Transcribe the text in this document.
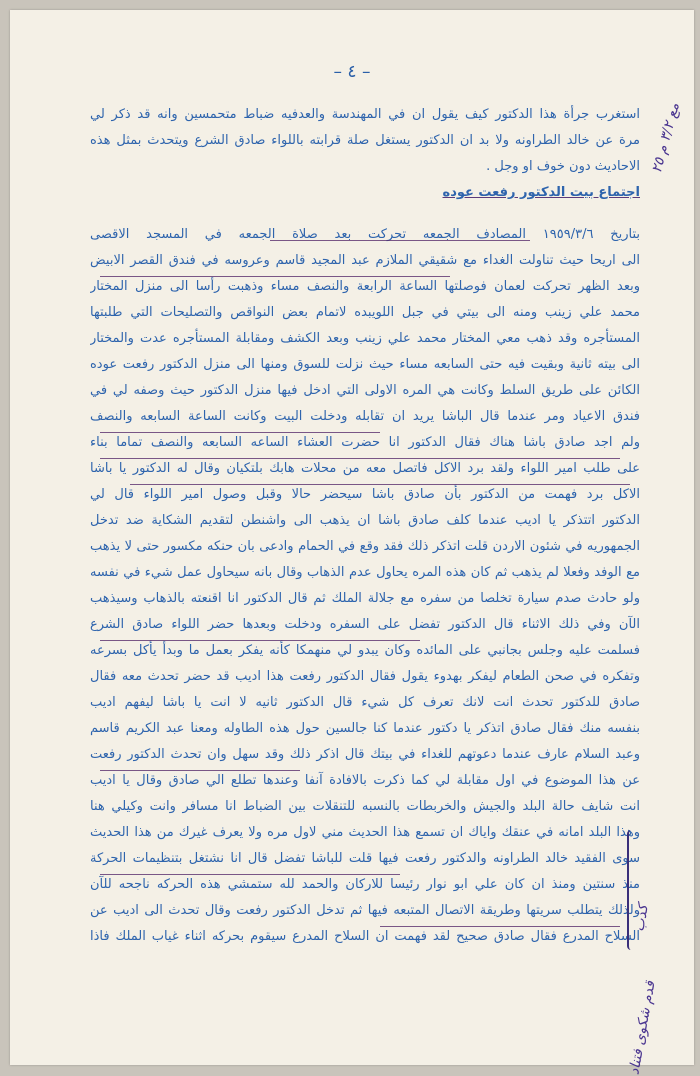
– ٤ –
استغرب جرأة هذا الدكتور كيف يقول ان في المهندسة والعدفيه ضباط متحمسين وانه قد ذكر لي
مرة عن خالد الطراونه ولا بد ان الدكتور يستغل صلة قرابته باللواء صادق الشرع ويتحدث بمثل هذه
الاحاديث دون خوف او وجل .
اجتماع بيت الدكتور رفعت عوده
بتاريخ ١٩٥٩/٣/٦ المصادف الجمعه تحركت بعد صلاة الجمعه في المسجد الاقصى
الى اريحا حيث تناولت الغداء مع شقيقي الملازم عبد المجيد قاسم وعروسه في فندق القصر الابيض
وبعد الظهر تحركت لعمان فوصلتها الساعة الرابعة والنصف مساء وذهبت رأسا الى منزل المختار
محمد علي زينب ومنه الى بيتي في جبل اللويبده لاتمام بعض النواقص والتصليحات التي طلبتها
المستأجره وقد ذهب معي المختار محمد علي زينب وبعد الكشف ومقابلة المستأجره عدت والمختار
الى بيته ثانية وبقيت فيه حتى السابعه مساء حيث نزلت للسوق ومنها الى منزل الدكتور رفعت عوده
الكائن على طريق السلط وكانت هي المره الاولى التي ادخل فيها منزل الدكتور حيث وصفه لي في
فندق الاعياد ومر عندما قال الباشا يريد ان تقابله ودخلت البيت وكانت الساعة السابعه والنصف
ولم اجد صادق باشا هناك فقال الدكتور انا حضرت العشاء الساعه السابعه والنصف تماما بناء
على طلب امير اللواء ولقد برد الاكل فاتصل معه من محلات هابك بلتكيان وقال له الدكتور يا باشا
الاكل برد فهمت من الدكتور بأن صادق باشا سيحضر حالا وقبل وصول امير اللواء قال لي
الدكتور اتتذكر يا اديب عندما كلف صادق باشا ان يذهب الى واشنطن لتقديم الشكاية ضد تدخل
الجمهوريه في شئون الاردن قلت اتذكر ذلك فقد وقع في الحمام وادعى بان حنكه مكسور حتى لا يذهب
مع الوفد وفعلا لم يذهب ثم كان هذه المره يحاول عدم الذهاب وقال بانه سيحاول عمل شيء في نفسه
ولو حادث صدم سيارة تخلصا من سفره مع جلالة الملك ثم قال الدكتور انا اقنعته بالذهاب وسيذهب
الآن وفي ذلك الاثناء قال الدكتور تفضل على السفره ودخلت وبعدها حضر اللواء صادق الشرع
فسلمت عليه وجلس بجانبي على المائده وكان يبدو لي منهمكا كأنه يفكر بعمل ما وبدأ يأكل بسرعه
وتفكره في صحن الطعام ليفكر بهدوء يقول فقال الدكتور رفعت هذا اديب قد حضر تحدث معه فقال
صادق للدكتور تحدث انت لانك تعرف كل شيء قال الدكتور ثانيه لا انت يا باشا ليفهم اديب
بنفسه منك فقال صادق اتذكر يا دكتور عندما كنا جالسين حول هذه الطاوله ومعنا عبد الكريم قاسم
وعبد السلام عارف عندما دعوتهم للغداء في بيتك قال اذكر ذلك وقد سهل وان تحدث الدكتور رفعت
عن هذا الموضوع في اول مقابلة لي كما ذكرت بالافادة آنفا وعندها تطلع الي صادق وقال يا اديب
انت شايف حالة البلد والجيش والخربطات بالنسبه للتنقلات بين الضباط انا مسافر وانت وكيلي هنا
وهذا البلد امانه في عنقك واياك ان تسمع هذا الحديث مني لاول مره ولا يعرف غيرك من هذا الحديث
سوى الفقيد خالد الطراونه والدكتور رفعت فيها قلت للباشا تفضل قال انا نشتغل بتنظيمات الحركة
منذ سنتين ومنذ ان كان علي ابو نوار رئيسا للاركان والحمد لله ستمشي هذه الحركه ناجحه للآن
ولذلك يتطلب سريتها وطريقة الاتصال المتبعه فيها ثم تدخل الدكتور رفعت وقال تحدث الى اديب عن
السلاح المدرع فقال صادق صحيح لقد فهمت ان السلاح المدرع سيقوم بحركه اثناء غياب الملك فاذا
مع ٣/٢ م ٢٥
كذب
قدم شكوى فتناد
